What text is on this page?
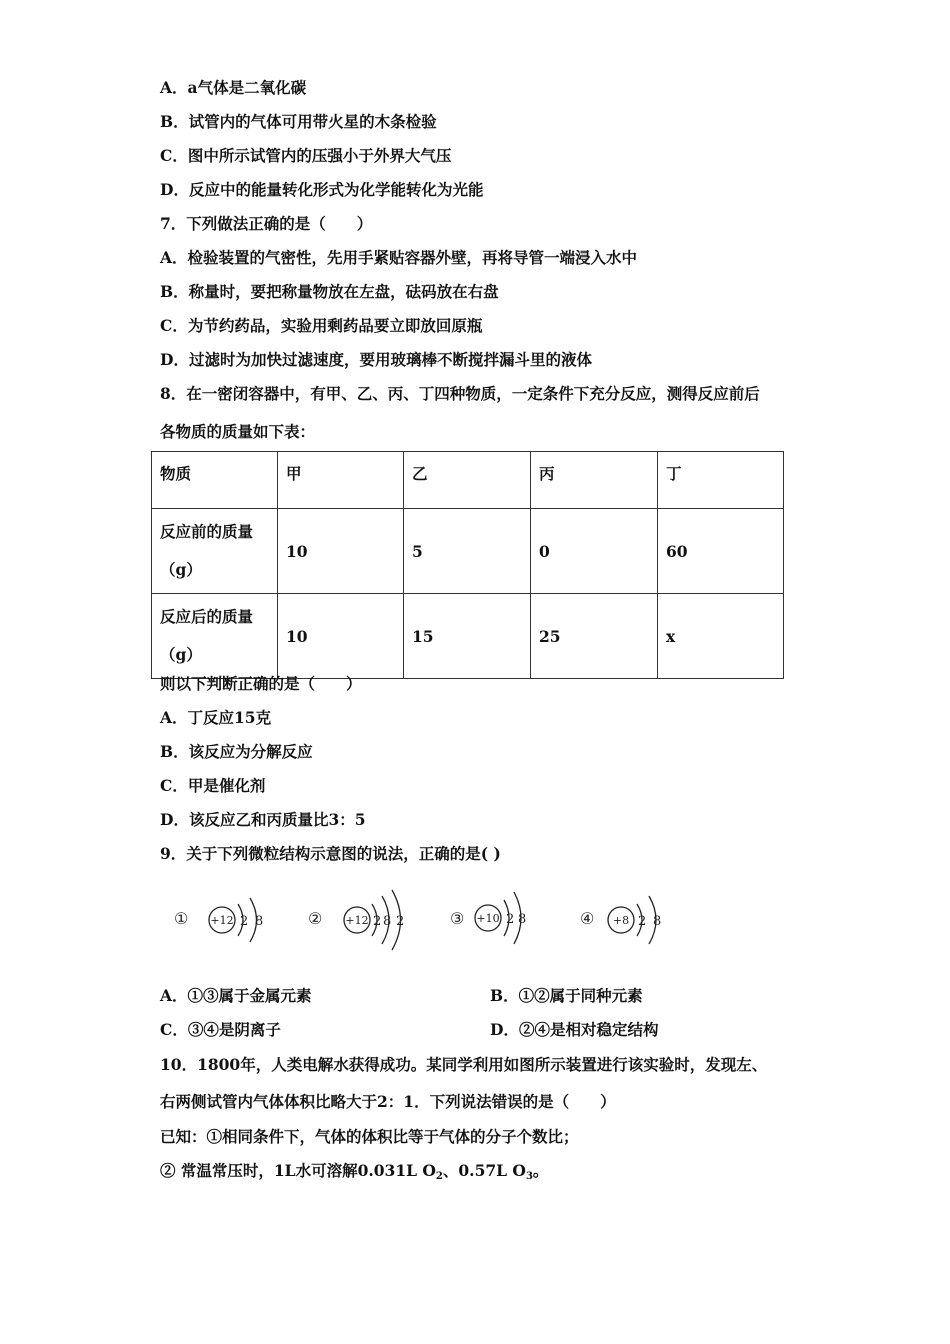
A．a气体是二氧化碳
B．试管内的气体可用带火星的木条检验
C．图中所示试管内的压强小于外界大气压
D．反应中的能量转化形式为化学能转化为光能
7．下列做法正确的是（　　）
A．检验装置的气密性，先用手紧贴容器外壁，再将导管一端浸入水中
B．称量时，要把称量物放在左盘，砝码放在右盘
C．为节约药品，实验用剩药品要立即放回原瓶
D．过滤时为加快过滤速度，要用玻璃棒不断搅拌漏斗里的液体
8．在一密闭容器中，有甲、乙、丙、丁四种物质，一定条件下充分反应，测得反应前后
各物质的质量如下表：
物质	甲	乙	丙	丁

反应前的质量
（g）	10	5	0	60

反应后的质量
（g）	10	15	25	x
则以下判断正确的是（　　）
A．丁反应15克
B．该反应为分解反应
C．甲是催化剂
D．该反应乙和丙质量比3：5
9．关于下列微粒结构示意图的说法，正确的是( )
① +12 2 8	② +12 2 8 2	③ +10 2 8	④ +8 2 8
A．①③属于金属元素	B．①②属于同种元素
C．③④是阴离子	D．②④是相对稳定结构
10．1800年，人类电解水获得成功。某同学利用如图所示装置进行该实验时，发现左、
右两侧试管内气体体积比略大于2：1．下列说法错误的是（　　）
已知：①相同条件下，气体的体积比等于气体的分子个数比；
② 常温常压时，1L水可溶解0.031L $O_2$、0.57L $O_3$。
